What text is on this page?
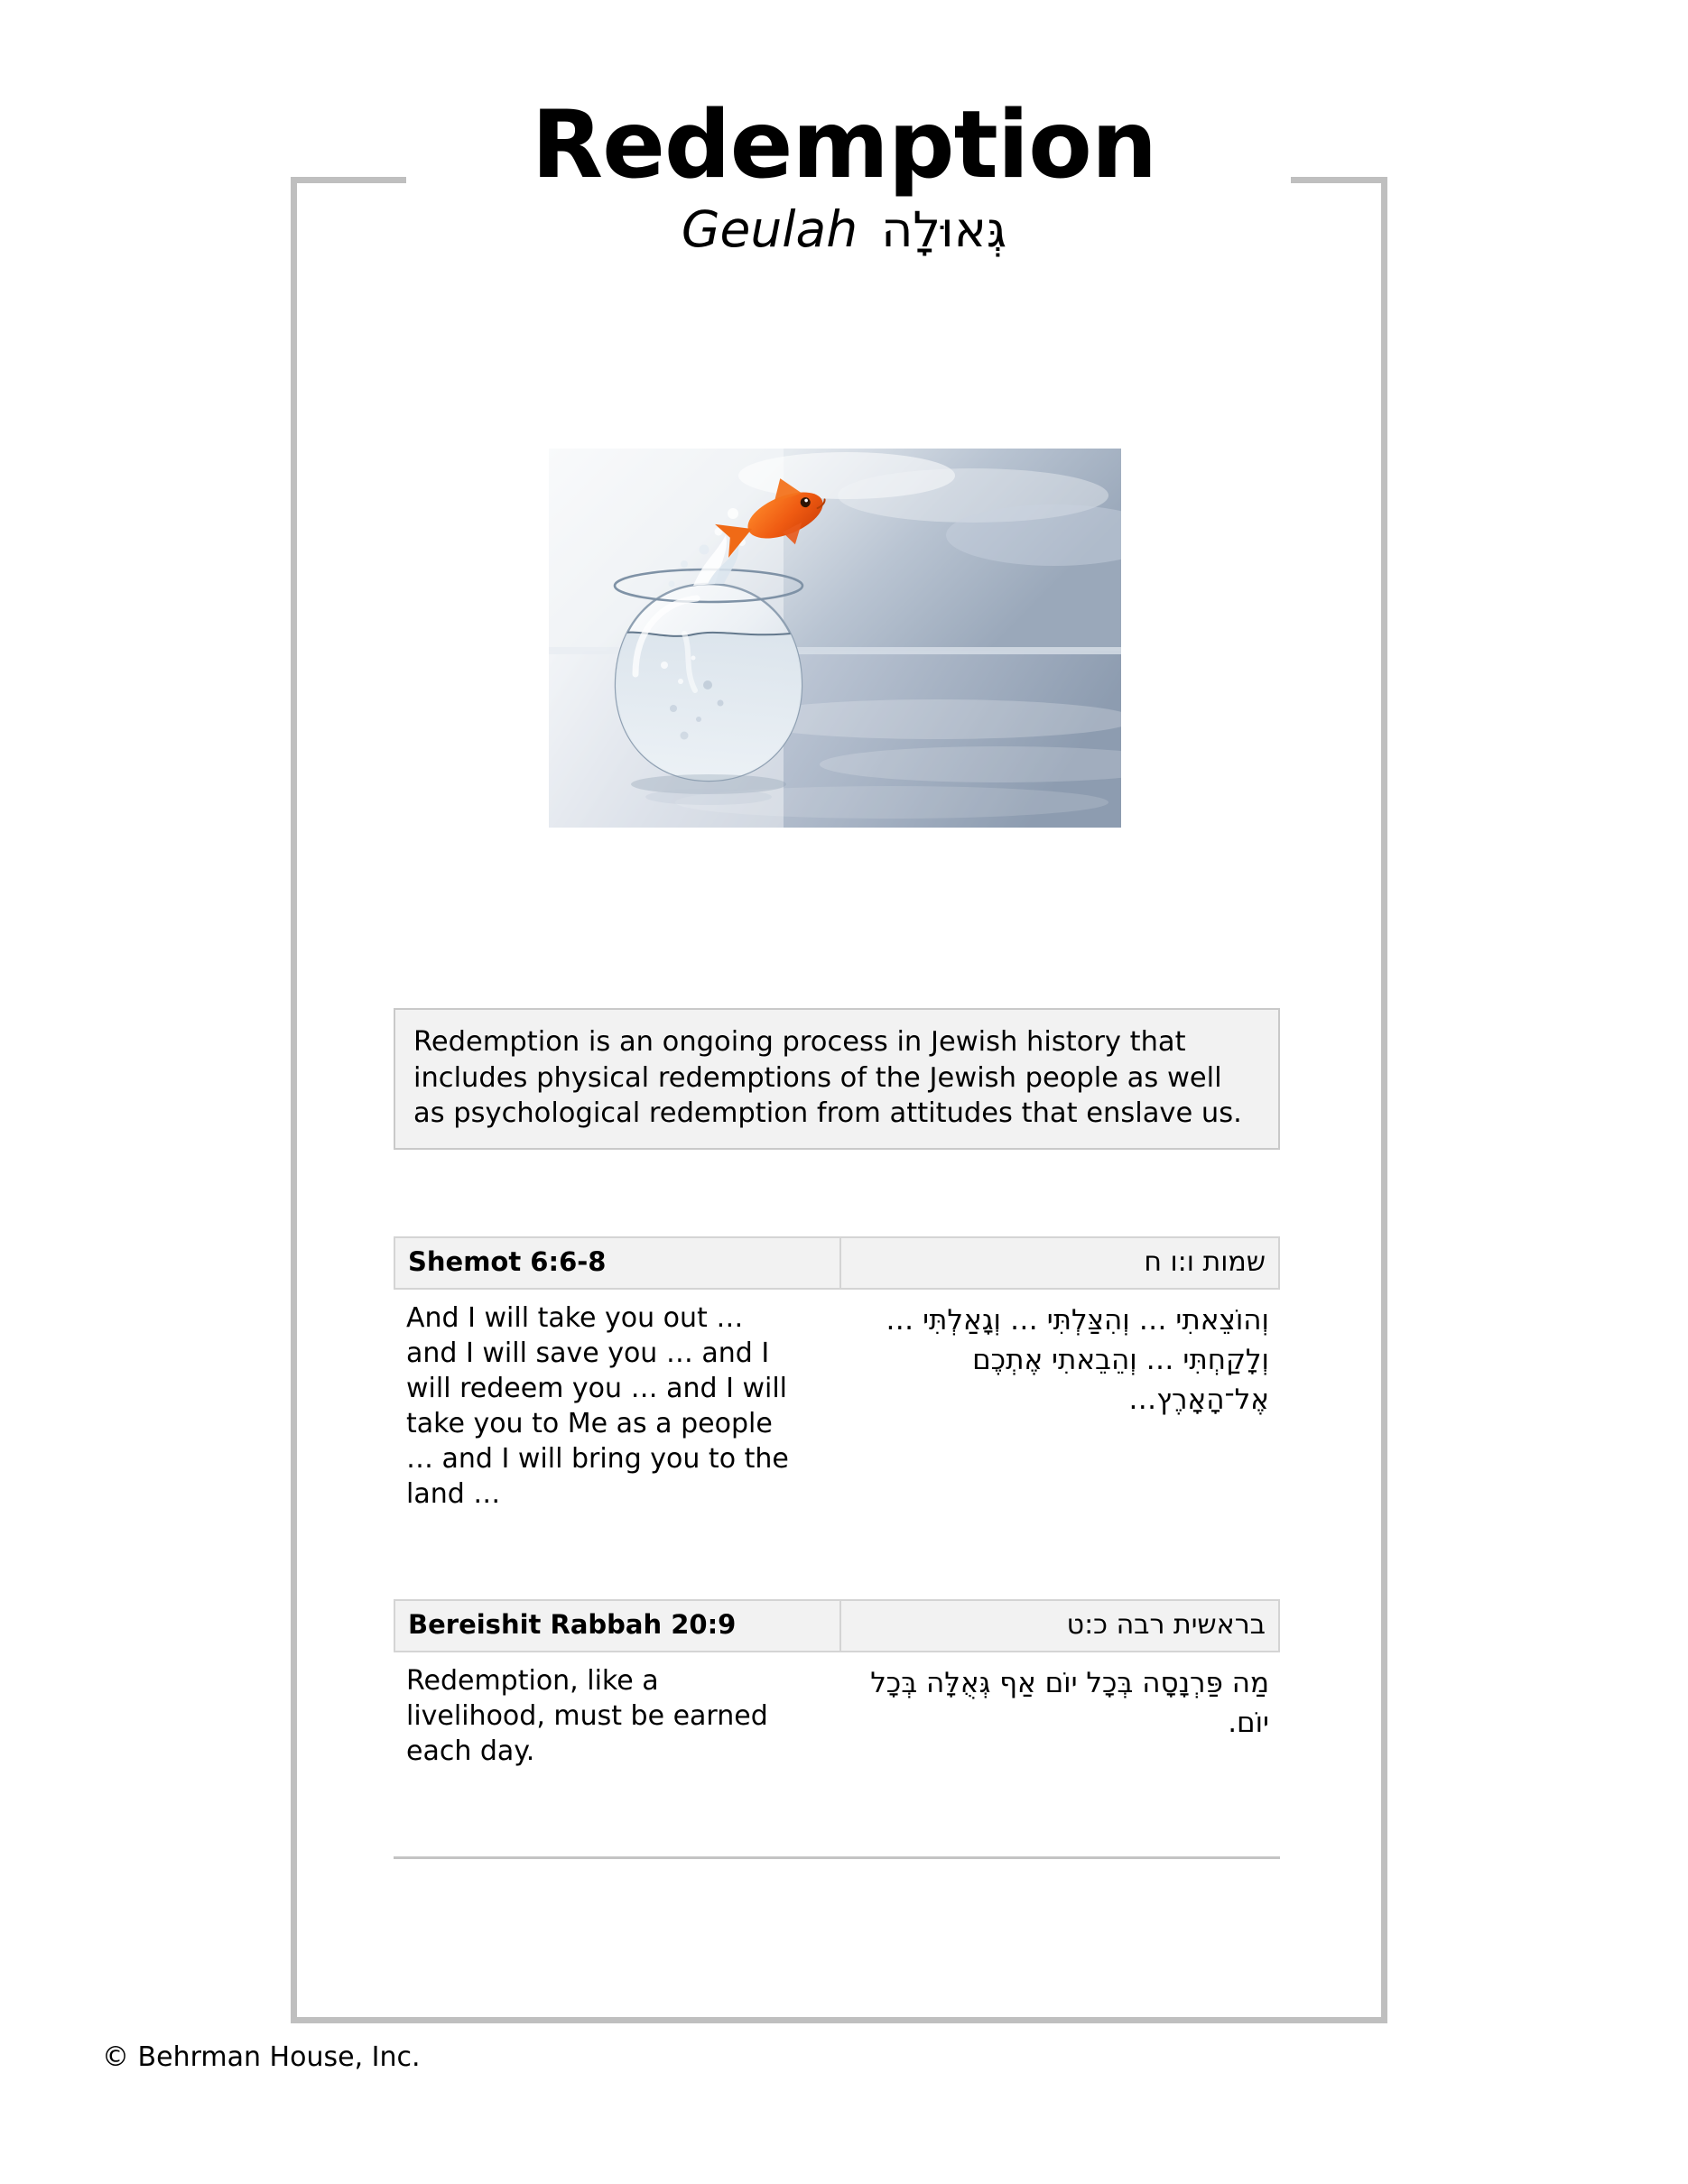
Redemption
Geulah גְּאוּלָה

Redemption is an ongoing process in Jewish history that includes physical redemptions of the Jewish people as well as psychological redemption from attitudes that enslave us.

Shemot 6:6-8	שמות ו:ו ח
And I will take you out … and I will save you … and I will redeem you … and I will take you to Me as a people … and I will bring you to the land …
וְהוֹצֵאתִי … וְהִצַּלְתִּי … וְגָאַלְתִּי … וְלָקַחְתִּי … וְהֵבֵאתִי אֶתְכֶם אֶל־הָאָרֶץ…
Bereishit Rabbah 20:9	בראשית רבה כ:ט
Redemption, like a livelihood, must be earned each day.
מַה פַּרְנָסָה בְּכָל יוֹם אַף גְּאֻלָּה בְּכָל יוֹם.
© Behrman House, Inc.
